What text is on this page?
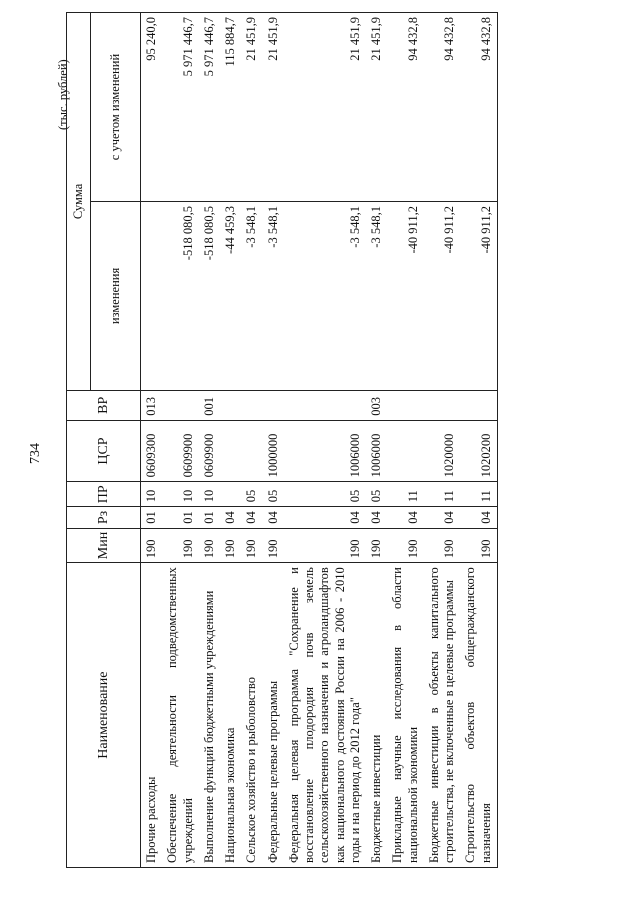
734
(тыс. рублей)
Наименование	Мин	Рз	ПР	ЦСР	ВР	Сумма	
						изменения	с учетом изменений
Прочие расходы	190	01	10	0609300	013		95 240,0
Обеспечение деятельности подведомственных учреждений	190	01	10	0609900		-518 080,5	5 971 446,7
Выполнение функций бюджетными учреждениями	190	01	10	0609900	001	-518 080,5	5 971 446,7
Национальная экономика	190	04				-44 459,3	115 884,7
Сельское хозяйство и рыболовство	190	04	05			-3 548,1	21 451,9
Федеральные целевые программы	190	04	05	1000000		-3 548,1	21 451,9
Федеральная целевая программа "Сохранение и восстановление плодородия почв земель сельскохозяйственного назначения и агроландшафтов как национального достояния России на 2006 - 2010 годы и на период до 2012 года"	190	04	05	1006000		-3 548,1	21 451,9
Бюджетные инвестиции	190	04	05	1006000	003	-3 548,1	21 451,9
Прикладные научные исследования в области национальной экономики	190	04	11			-40 911,2	94 432,8
Бюджетные инвестиции в объекты капитального строительства, не включенные в целевые программы	190	04	11	1020000		-40 911,2	94 432,8
Строительство объектов общегражданского назначения	190	04	11	1020200		-40 911,2	94 432,8
